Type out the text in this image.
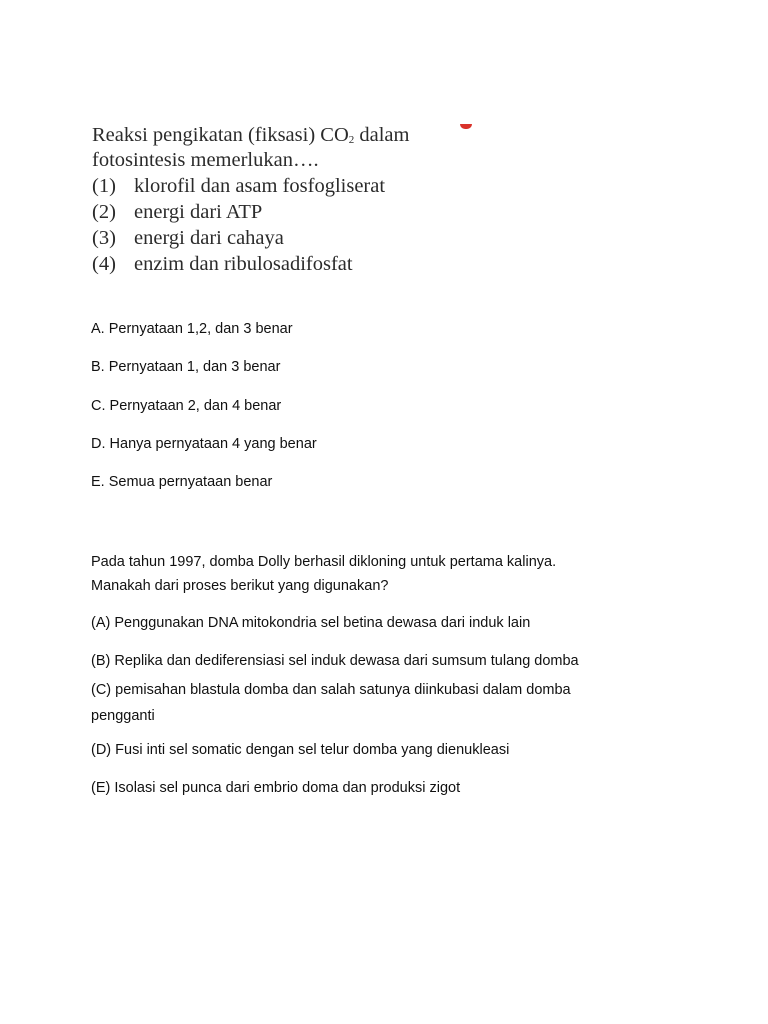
Reaksi pengikatan (fiksasi) $CO_2$ dalam
fotosintesis memerlukan….
(1) klorofil dan asam fosfogliserat
(2) energi dari ATP
(3) energi dari cahaya
(4) enzim dan ribulosadifosfat
A. Pernyataan 1,2, dan 3 benar
B. Pernyataan 1, dan 3 benar
C. Pernyataan 2, dan 4 benar
D. Hanya pernyataan 4 yang benar
E. Semua pernyataan benar
Pada tahun 1997, domba Dolly berhasil dikloning untuk pertama kalinya.
Manakah dari proses berikut yang digunakan?
(A) Penggunakan DNA mitokondria sel betina dewasa dari induk lain
(B) Replika dan dediferensiasi sel induk dewasa dari sumsum tulang domba
(C) pemisahan blastula domba dan salah satunya diinkubasi dalam domba
pengganti
(D) Fusi inti sel somatic dengan sel telur domba yang dienukleasi
(E) Isolasi sel punca dari embrio doma dan produksi zigot
